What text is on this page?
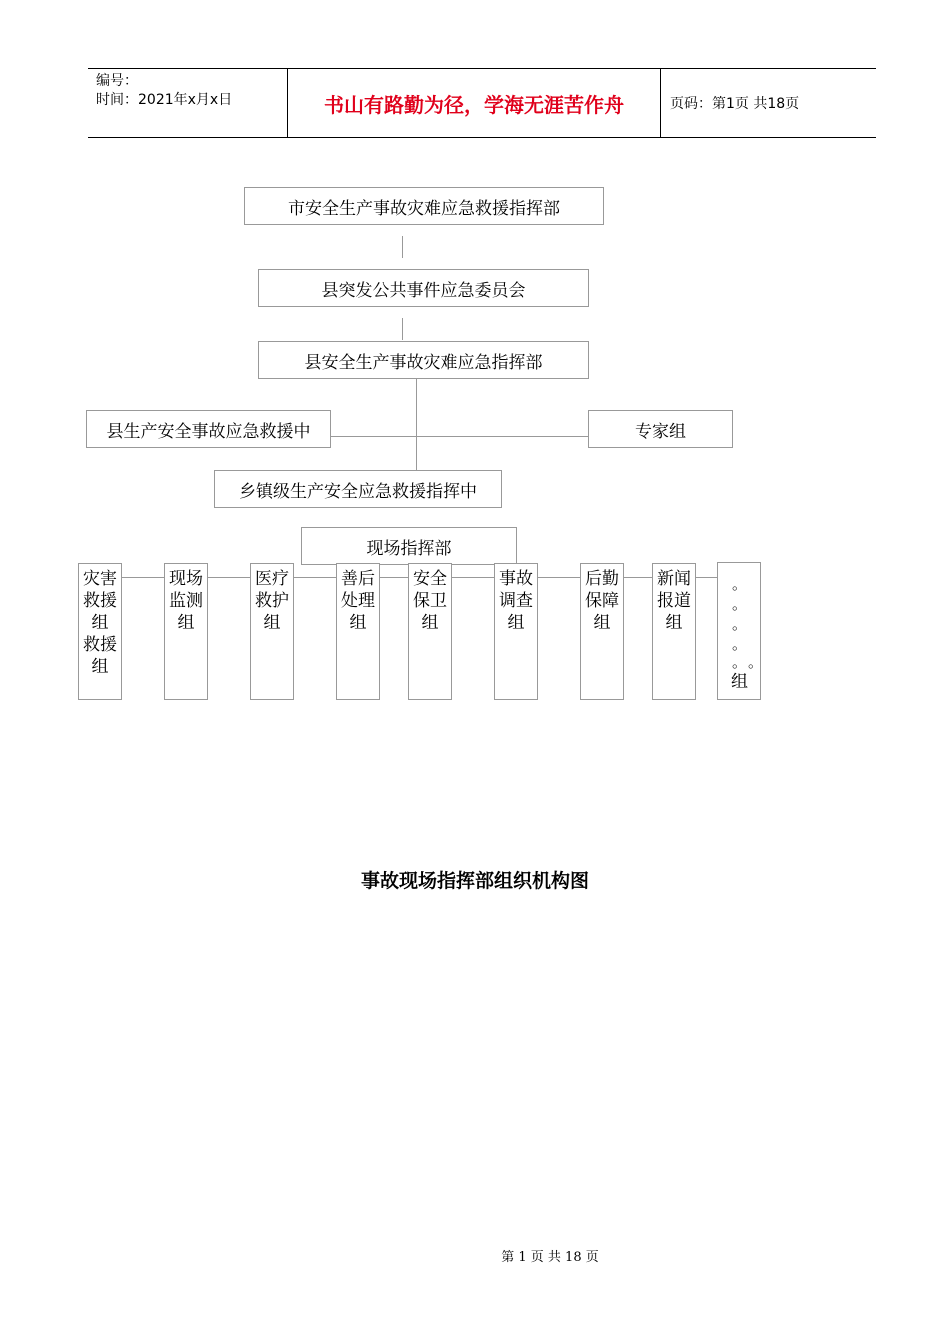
编号：
时间：2021年x月x日	书山有路勤为径，学海无涯苦作舟	页码：第1页 共18页
市安全生产事故灾难应急救援指挥部
县突发公共事件应急委员会
县安全生产事故灾难应急指挥部
县生产安全事故应急救援中	专家组
乡镇级生产安全应急救援指挥中
现场指挥部
灾害
救援
组
救援
组
现场
监测
组
医疗
救护
组
善后
处理
组
安全
保卫
组
事故
调查
组
后勤
保障
组
新闻
报道
组
。
。
。
。
。 。
组
事故现场指挥部组织机构图
第 1 页 共 18 页
